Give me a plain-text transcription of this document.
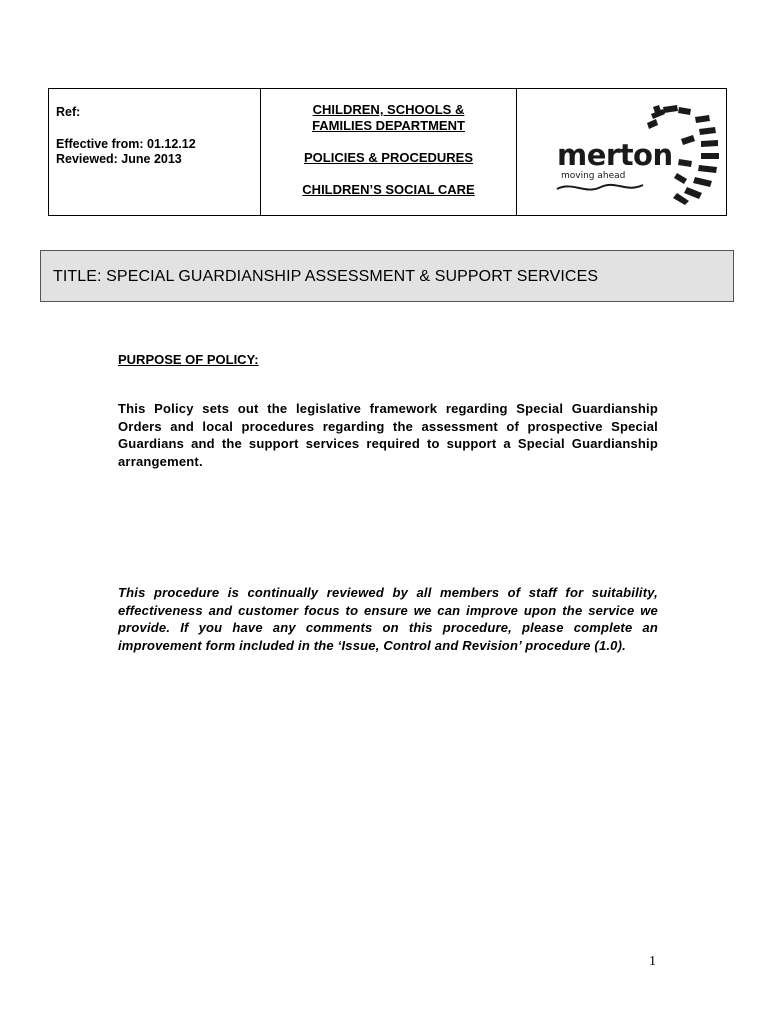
Ref:
Effective from: 01.12.12
Reviewed: June 2013
CHILDREN, SCHOOLS &
FAMILIES DEPARTMENT
POLICIES & PROCEDURES
CHILDREN’S SOCIAL CARE
merton
moving ahead
TITLE: SPECIAL GUARDIANSHIP ASSESSMENT & SUPPORT SERVICES
PURPOSE OF POLICY:
This Policy sets out the legislative framework regarding Special Guardianship Orders and local procedures regarding the assessment of prospective Special Guardians and the support services required to support a Special Guardianship arrangement.
This procedure is continually reviewed by all members of staff for suitability, effectiveness and customer focus to ensure we can improve upon the service we provide. If you have any comments on this procedure, please complete an improvement form included in the ‘Issue, Control and Revision’ procedure (1.0).
1
